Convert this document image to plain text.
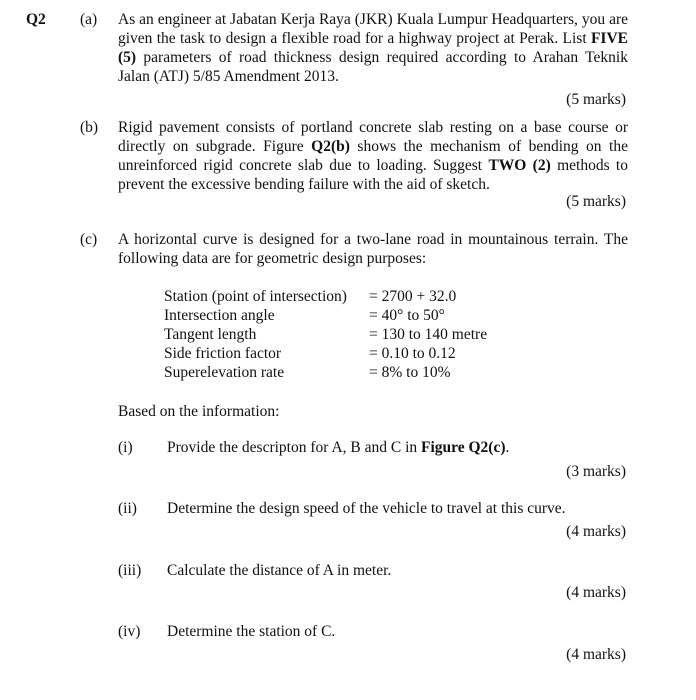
Q2 (a) As an engineer at Jabatan Kerja Raya (JKR) Kuala Lumpur Headquarters, you are given the task to design a flexible road for a highway project at Perak. List FIVE (5) parameters of road thickness design required according to Arahan Teknik Jalan (ATJ) 5/85 Amendment 2013.
(5 marks)
(b) Rigid pavement consists of portland concrete slab resting on a base course or directly on subgrade. Figure Q2(b) shows the mechanism of bending on the unreinforced rigid concrete slab due to loading. Suggest TWO (2) methods to prevent the excessive bending failure with the aid of sketch.
(5 marks)
(c) A horizontal curve is designed for a two-lane road in mountainous terrain. The following data are for geometric design purposes:
Station (point of intersection)	= 2700 + 32.0
Intersection angle	= 40° to 50°
Tangent length	= 130 to 140 metre
Side friction factor	= 0.10 to 0.12
Superelevation rate	= 8% to 10%
Based on the information:
(i) Provide the descripton for A, B and C in Figure Q2(c).
(3 marks)
(ii) Determine the design speed of the vehicle to travel at this curve.
(4 marks)
(iii) Calculate the distance of A in meter.
(4 marks)
(iv) Determine the station of C.
(4 marks)
